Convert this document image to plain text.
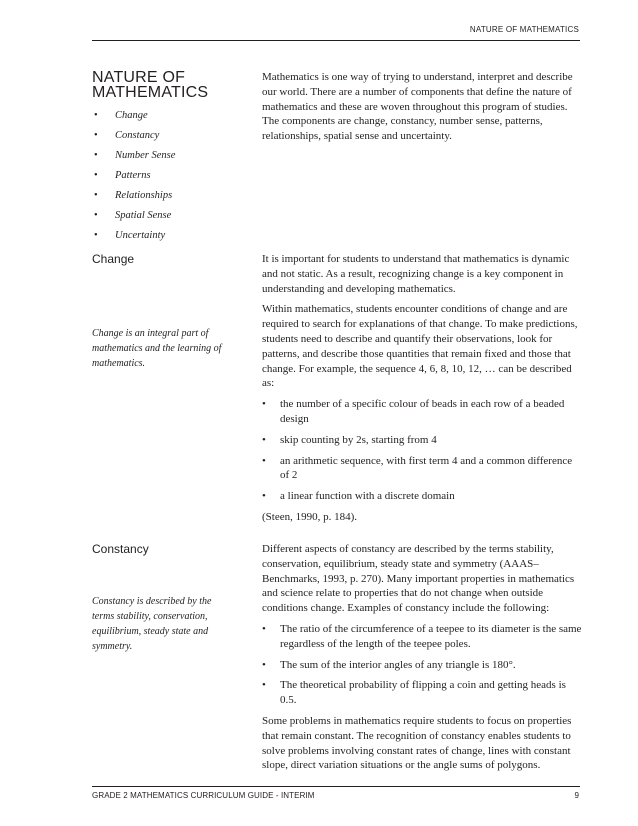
NATURE OF MATHEMATICS
NATURE OF MATHEMATICS
• Change
• Constancy
• Number Sense
• Patterns
• Relationships
• Spatial Sense
• Uncertainty

Mathematics is one way of trying to understand, interpret and describe our world. There are a number of components that define the nature of mathematics and these are woven throughout this program of studies. The components are change, constancy, number sense, patterns, relationships, spatial sense and uncertainty.

Change
Change is an integral part of mathematics and the learning of mathematics.

It is important for students to understand that mathematics is dynamic and not static. As a result, recognizing change is a key component in understanding and developing mathematics.

Within mathematics, students encounter conditions of change and are required to search for explanations of that change. To make predictions, students need to describe and quantify their observations, look for patterns, and describe those quantities that remain fixed and those that change. For example, the sequence 4, 6, 8, 10, 12, … can be described as:

• the number of a specific colour of beads in each row of a beaded design
• skip counting by 2s, starting from 4
• an arithmetic sequence, with first term 4 and a common difference of 2
• a linear function with a discrete domain

(Steen, 1990, p. 184).

Constancy
Constancy is described by the terms stability, conservation, equilibrium, steady state and symmetry.

Different aspects of constancy are described by the terms stability, conservation, equilibrium, steady state and symmetry (AAAS–Benchmarks, 1993, p. 270). Many important properties in mathematics and science relate to properties that do not change when outside conditions change. Examples of constancy include the following:

• The ratio of the circumference of a teepee to its diameter is the same regardless of the length of the teepee poles.
• The sum of the interior angles of any triangle is 180°.
• The theoretical probability of flipping a coin and getting heads is 0.5.

Some problems in mathematics require students to focus on properties that remain constant. The recognition of constancy enables students to solve problems involving constant rates of change, lines with constant slope, direct variation situations or the angle sums of polygons.

GRADE 2 MATHEMATICS CURRICULUM GUIDE - INTERIM	9
